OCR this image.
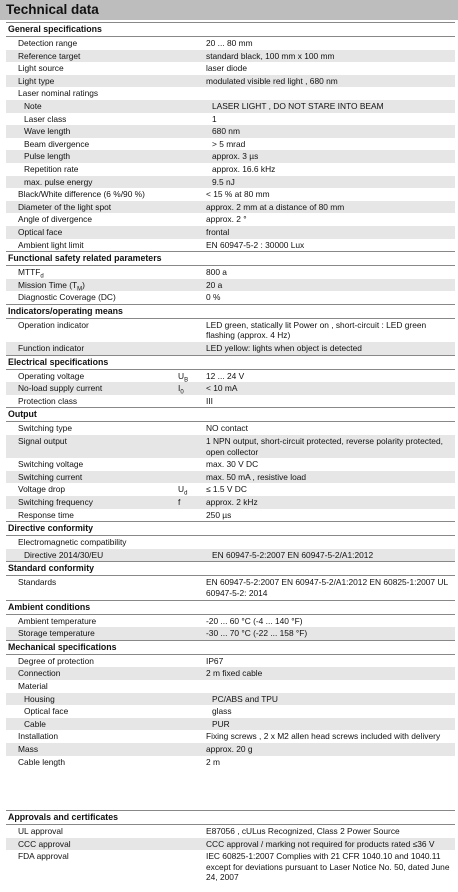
Technical data
General specifications
Detection range	20 ... 80 mm
Reference target	standard black, 100 mm x 100 mm
Light source	laser diode
Light type	modulated visible red light , 680 nm
Laser nominal ratings
Note	LASER LIGHT , DO NOT STARE INTO BEAM
Laser class	1
Wave length	680 nm
Beam divergence	> 5 mrad
Pulse length	approx. 3 µs
Repetition rate	approx. 16.6 kHz
max. pulse energy	9.5 nJ
Black/White difference (6 %/90 %)	< 15 % at 80 mm
Diameter of the light spot	approx. 2 mm at a distance of 80 mm
Angle of divergence	approx. 2 °
Optical face	frontal
Ambient light limit	EN 60947-5-2 : 30000 Lux
Functional safety related parameters
$MTTF_d$	800 a
Mission Time $(T_M)$	20 a
Diagnostic Coverage (DC)	0 %
Indicators/operating means
Operation indicator	LED green, statically lit Power on , short-circuit : LED green flashing (approx. 4 Hz)
Function indicator	LED yellow: lights when object is detected
Electrical specifications
Operating voltage	$U_B$	12 ... 24 V
No-load supply current	$I_0$	< 10 mA
Protection class	III
Output
Switching type	NO contact
Signal output	1 NPN output, short-circuit protected, reverse polarity protected, open collector
Switching voltage	max. 30 V DC
Switching current	max. 50 mA , resistive load
Voltage drop	$U_d$	≤ 1.5 V DC
Switching frequency	f	approx. 2 kHz
Response time	250 µs
Directive conformity
Electromagnetic compatibility
Directive 2014/30/EU	EN 60947-5-2:2007 EN 60947-5-2/A1:2012
Standard conformity
Standards	EN 60947-5-2:2007 EN 60947-5-2/A1:2012 EN 60825-1:2007 UL 60947-5-2: 2014
Ambient conditions
Ambient temperature	-20 ... 60 °C (-4 ... 140 °F)
Storage temperature	-30 ... 70 °C (-22 ... 158 °F)
Mechanical specifications
Degree of protection	IP67
Connection	2 m fixed cable
Material
Housing	PC/ABS and TPU
Optical face	glass
Cable	PUR
Installation	Fixing screws , 2 x M2 allen head screws included with delivery
Mass	approx. 20 g
Cable length	2 m
Approvals and certificates
UL approval	E87056 , cULus Recognized, Class 2 Power Source
CCC approval	CCC approval / marking not required for products rated ≤36 V
FDA approval	IEC 60825-1:2007 Complies with 21 CFR 1040.10 and 1040.11 except for deviations pursuant to Laser Notice No. 50, dated June 24, 2007
